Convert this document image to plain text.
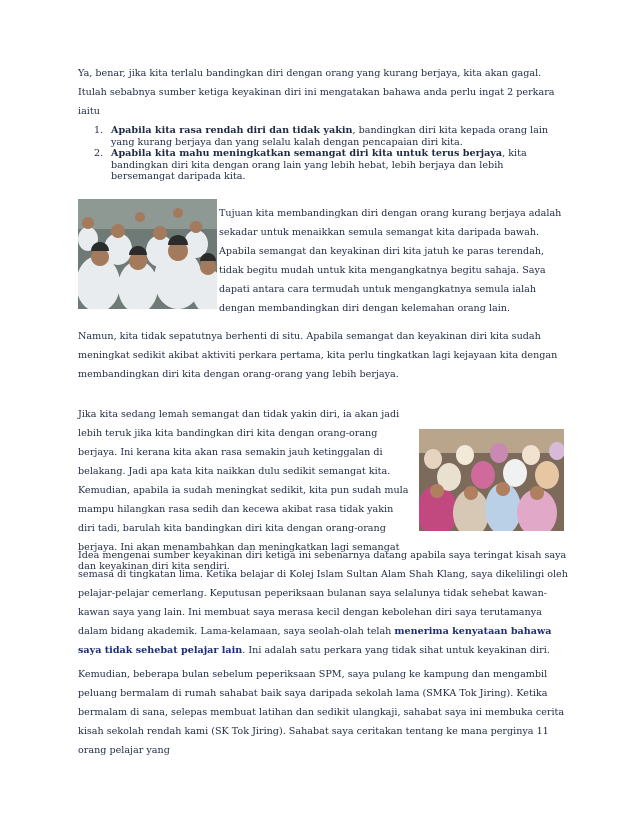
Ya, benar, jika kita terlalu bandingkan diri dengan orang yang kurang berjaya, kita akan gagal. Itulah sebabnya sumber ketiga keyakinan diri ini mengatakan bahawa anda perlu ingat 2 perkara iaitu

1. Apabila kita rasa rendah diri dan tidak yakin, bandingkan diri kita kepada orang lain yang kurang berjaya dan yang selalu kalah dengan pencapaian diri kita.
2. Apabila kita mahu meningkatkan semangat diri kita untuk terus berjaya, kita bandingkan diri kita dengan orang lain yang lebih hebat, lebih berjaya dan lebih bersemangat daripada kita.

Tujuan kita membandingkan diri dengan orang kurang berjaya adalah sekadar untuk menaikkan semula semangat kita daripada bawah. Apabila semangat dan keyakinan diri kita jatuh ke paras terendah, tidak begitu mudah untuk kita mengangkatnya begitu sahaja. Saya dapati antara cara termudah untuk mengangkatnya semula ialah dengan membandingkan diri dengan kelemahan orang lain.

Namun, kita tidak sepatutnya berhenti di situ. Apabila semangat dan keyakinan diri kita sudah meningkat sedikit akibat aktiviti perkara pertama, kita perlu tingkatkan lagi kejayaan kita dengan membandingkan diri kita dengan orang-orang yang lebih berjaya.

Jika kita sedang lemah semangat dan tidak yakin diri, ia akan jadi lebih teruk jika kita bandingkan diri kita dengan orang-orang berjaya. Ini kerana kita akan rasa semakin jauh ketinggalan di belakang. Jadi apa kata kita naikkan dulu sedikit semangat kita. Kemudian, apabila ia sudah meningkat sedikit, kita pun sudah mula mampu hilangkan rasa sedih dan kecewa akibat rasa tidak yakin diri tadi, barulah kita bandingkan diri kita dengan orang-orang berjaya. Ini akan menambahkan dan meningkatkan lagi semangat dan keyakinan diri kita sendiri.

Idea mengenai sumber keyakinan diri ketiga ini sebenarnya datang apabila saya teringat kisah saya semasa di tingkatan lima. Ketika belajar di Kolej Islam Sultan Alam Shah Klang, saya dikelilingi oleh pelajar-pelajar cemerlang. Keputusan peperiksaan bulanan saya selalunya tidak sehebat kawan-kawan saya yang lain. Ini membuat saya merasa kecil dengan kebolehan diri saya terutamanya dalam bidang akademik. Lama-kelamaan, saya seolah-olah telah menerima kenyataan bahawa saya tidak sehebat pelajar lain. Ini adalah satu perkara yang tidak sihat untuk keyakinan diri.

Kemudian, beberapa bulan sebelum peperiksaan SPM, saya pulang ke kampung dan mengambil peluang bermalam di rumah sahabat baik saya daripada sekolah lama (SMKA Tok Jiring). Ketika bermalam di sana, selepas membuat latihan dan sedikit ulangkaji, sahabat saya ini membuka cerita kisah sekolah rendah kami (SK Tok Jiring). Sahabat saya ceritakan tentang ke mana perginya 11 orang pelajar yang
